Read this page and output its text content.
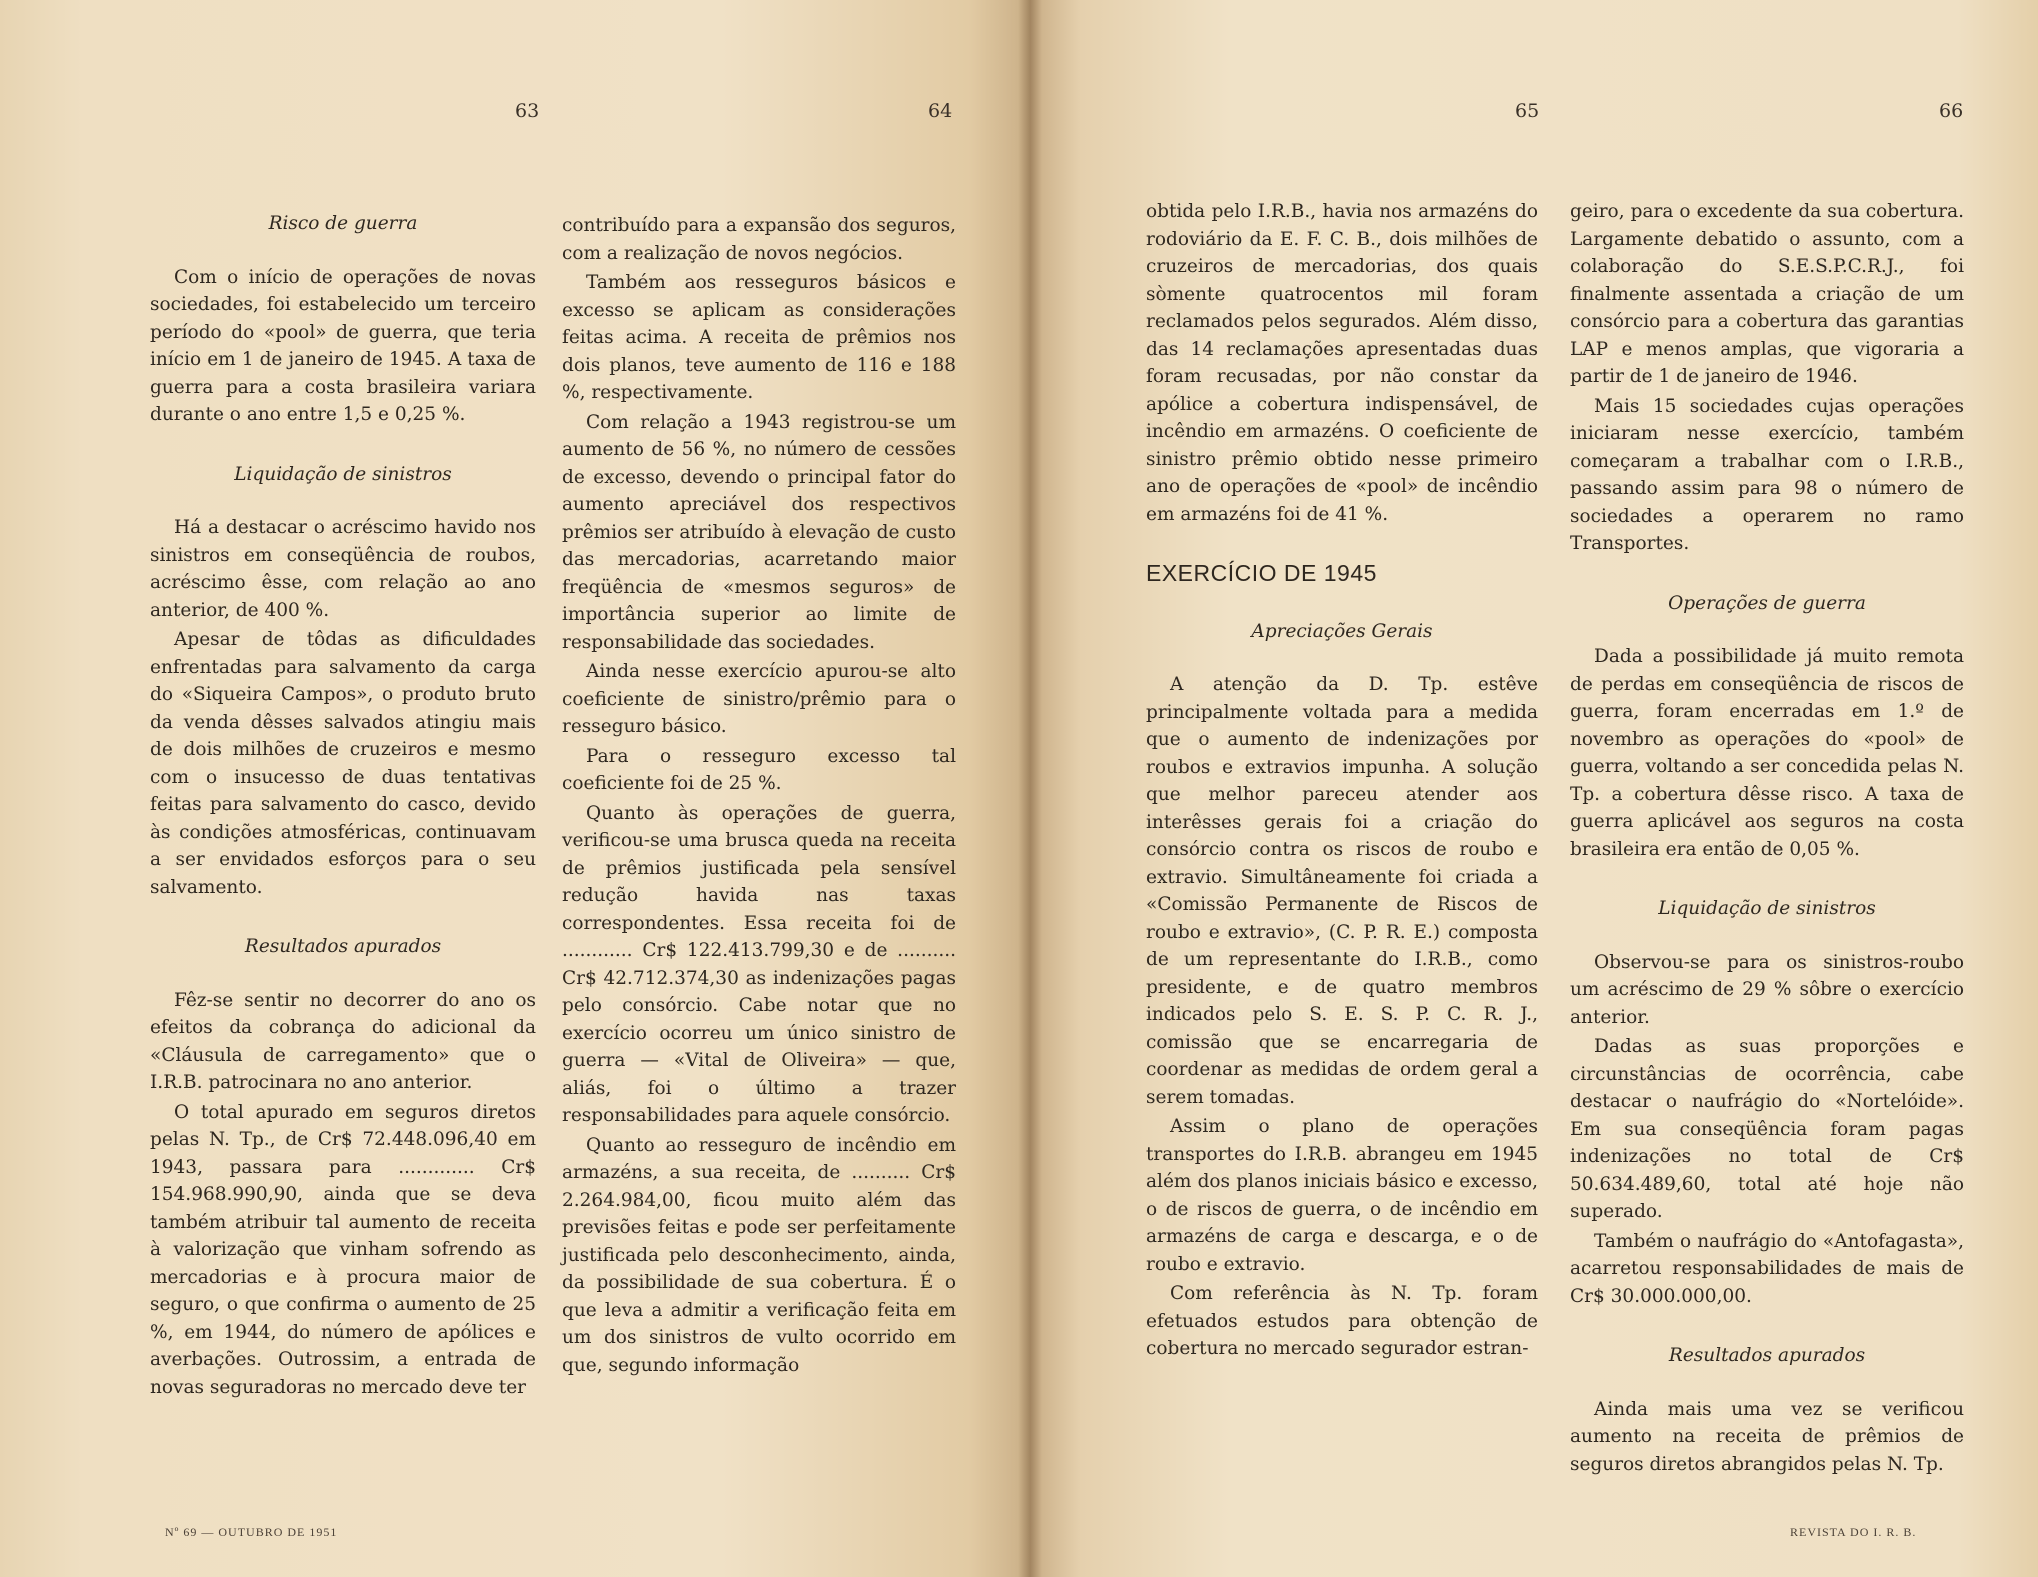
63	64
Risco de guerra

Com o início de operações de novas sociedades, foi estabelecido um terceiro período do «pool» de guerra, que teria início em 1 de janeiro de 1945. A taxa de guerra para a costa brasileira variara durante o ano entre 1,5 e 0,25 %.

Liquidação de sinistros

Há a destacar o acréscimo havido nos sinistros em conseqüência de roubos, acréscimo êsse, com relação ao ano anterior, de 400 %.

Apesar de tôdas as dificuldades enfrentadas para salvamento da carga do «Siqueira Campos», o produto bruto da venda dêsses salvados atingiu mais de dois milhões de cruzeiros e mesmo com o insucesso de duas tentativas feitas para salvamento do casco, devido às condições atmosféricas, continuavam a ser envidados esforços para o seu salvamento.

Resultados apurados

Fêz-se sentir no decorrer do ano os efeitos da cobrança do adicional da «Cláusula de carregamento» que o I.R.B. patrocinara no ano anterior.

O total apurado em seguros diretos pelas N. Tp., de Cr$ 72.448.096,40 em 1943, passara para ............. Cr$ 154.968.990,90, ainda que se deva também atribuir tal aumento de receita à valorização que vinham sofrendo as mercadorias e à procura maior de seguro, o que confirma o aumento de 25 %, em 1944, do número de apólices e averbações. Outrossim, a entrada de novas seguradoras no mercado deve ter

contribuído para a expansão dos seguros, com a realização de novos negócios.

Também aos resseguros básicos e excesso se aplicam as considerações feitas acima. A receita de prêmios nos dois planos, teve aumento de 116 e 188 %, respectivamente.

Com relação a 1943 registrou-se um aumento de 56 %, no número de cessões de excesso, devendo o principal fator do aumento apreciável dos respectivos prêmios ser atribuído à elevação de custo das mercadorias, acarretando maior freqüência de «mesmos seguros» de importância superior ao limite de responsabilidade das sociedades.

Ainda nesse exercício apurou-se alto coeficiente de sinistro/prêmio para o resseguro básico.

Para o resseguro excesso tal coeficiente foi de 25 %.

Quanto às operações de guerra, verificou-se uma brusca queda na receita de prêmios justificada pela sensível redução havida nas taxas correspondentes. Essa receita foi de ............ Cr$ 122.413.799,30 e de .......... Cr$ 42.712.374,30 as indenizações pagas pelo consórcio. Cabe notar que no exercício ocorreu um único sinistro de guerra — «Vital de Oliveira» — que, aliás, foi o último a trazer responsabilidades para aquele consórcio.

Quanto ao resseguro de incêndio em armazéns, a sua receita, de .......... Cr$ 2.264.984,00, ficou muito além das previsões feitas e pode ser perfeitamente justificada pelo desconhecimento, ainda, da possibilidade de sua cobertura. É o que leva a admitir a verificação feita em um dos sinistros de vulto ocorrido em que, segundo informação

Nº 69 — OUTUBRO DE 1951
65	66

obtida pelo I.R.B., havia nos armazéns do rodoviário da E. F. C. B., dois milhões de cruzeiros de mercadorias, dos quais sòmente quatrocentos mil foram reclamados pelos segurados. Além disso, das 14 reclamações apresentadas duas foram recusadas, por não constar da apólice a cobertura indispensável, de incêndio em armazéns. O coeficiente de sinistro prêmio obtido nesse primeiro ano de operações de «pool» de incêndio em armazéns foi de 41 %.

EXERCÍCIO DE 1945
Apreciações Gerais

A atenção da D. Tp. estêve principalmente voltada para a medida que o aumento de indenizações por roubos e extravios impunha. A solução que melhor pareceu atender aos interêsses gerais foi a criação do consórcio contra os riscos de roubo e extravio. Simultâneamente foi criada a «Comissão Permanente de Riscos de roubo e extravio», (C. P. R. E.) composta de um representante do I.R.B., como presidente, e de quatro membros indicados pelo S. E. S. P. C. R. J., comissão que se encarregaria de coordenar as medidas de ordem geral a serem tomadas.

Assim o plano de operações transportes do I.R.B. abrangeu em 1945 além dos planos iniciais básico e excesso, o de riscos de guerra, o de incêndio em armazéns de carga e descarga, e o de roubo e extravio.

Com referência às N. Tp. foram efetuados estudos para obtenção de cobertura no mercado segurador estran-

geiro, para o excedente da sua cobertura. Largamente debatido o assunto, com a colaboração do S.E.S.P.C.R.J., foi finalmente assentada a criação de um consórcio para a cobertura das garantias LAP e menos amplas, que vigoraria a partir de 1 de janeiro de 1946.

Mais 15 sociedades cujas operações iniciaram nesse exercício, também começaram a trabalhar com o I.R.B., passando assim para 98 o número de sociedades a operarem no ramo Transportes.

Operações de guerra

Dada a possibilidade já muito remota de perdas em conseqüência de riscos de guerra, foram encerradas em 1.º de novembro as operações do «pool» de guerra, voltando a ser concedida pelas N. Tp. a cobertura dêsse risco. A taxa de guerra aplicável aos seguros na costa brasileira era então de 0,05 %.

Liquidação de sinistros

Observou-se para os sinistros-roubo um acréscimo de 29 % sôbre o exercício anterior.

Dadas as suas proporções e circunstâncias de ocorrência, cabe destacar o naufrágio do «Nortelóide». Em sua conseqüência foram pagas indenizações no total de Cr$ 50.634.489,60, total até hoje não superado.

Também o naufrágio do «Antofagasta», acarretou responsabilidades de mais de Cr$ 30.000.000,00.

Resultados apurados

Ainda mais uma vez se verificou aumento na receita de prêmios de seguros diretos abrangidos pelas N. Tp.

REVISTA DO I. R. B.
